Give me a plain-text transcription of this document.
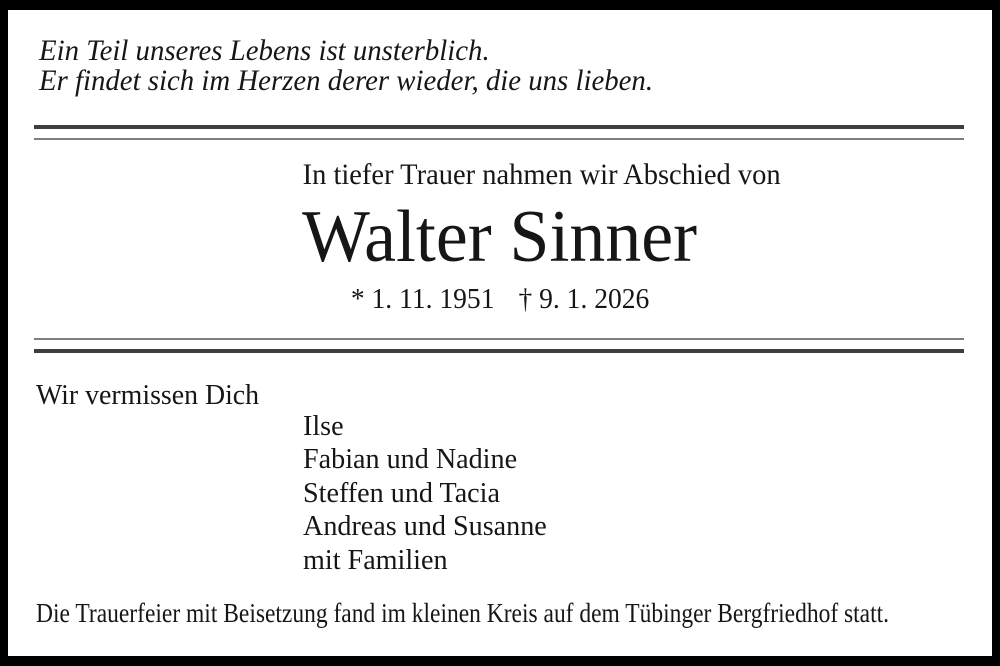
Ein Teil unseres Lebens ist unsterblich.
Er findet sich im Herzen derer wieder, die uns lieben.
In tiefer Trauer nahmen wir Abschied von
Walter Sinner
* 1. 11. 1951 † 9. 1. 2026
Wir vermissen Dich
Ilse
Fabian und Nadine
Steffen und Tacia
Andreas und Susanne
mit Familien
Die Trauerfeier mit Beisetzung fand im kleinen Kreis auf dem Tübinger Bergfriedhof statt.
